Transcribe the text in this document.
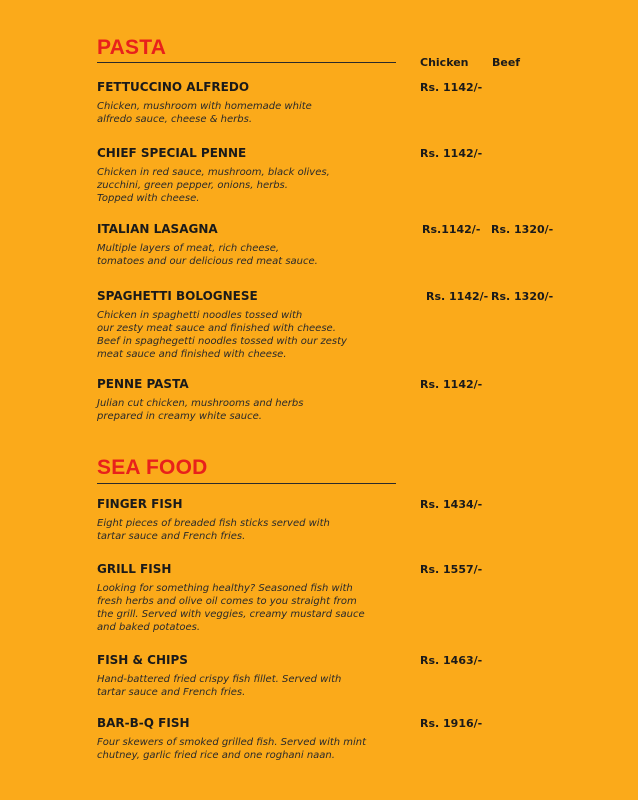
PASTA
Chicken Beef
FETTUCCINO ALFREDO
Chicken, mushroom with homemade white
alfredo sauce, cheese & herbs.
Rs. 1142/-
CHIEF SPECIAL PENNE
Chicken in red sauce, mushroom, black olives,
zucchini, green pepper, onions, herbs.
Topped with cheese.
Rs. 1142/-
ITALIAN LASAGNA
Multiple layers of meat, rich cheese,
tomatoes and our delicious red meat sauce.
Rs.1142/- Rs. 1320/-
SPAGHETTI BOLOGNESE
Chicken in spaghetti noodles tossed with
our zesty meat sauce and finished with cheese.
Beef in spaghegetti noodles tossed with our zesty
meat sauce and finished with cheese.
Rs. 1142/- Rs. 1320/-
PENNE PASTA
Julian cut chicken, mushrooms and herbs
prepared in creamy white sauce.
Rs. 1142/-
SEA FOOD
FINGER FISH
Eight pieces of breaded fish sticks served with
tartar sauce and French fries.
Rs. 1434/-
GRILL FISH
Looking for something healthy? Seasoned fish with
fresh herbs and olive oil comes to you straight from
the grill. Served with veggies, creamy mustard sauce
and baked potatoes.
Rs. 1557/-
FISH & CHIPS
Hand-battered fried crispy fish fillet. Served with
tartar sauce and French fries.
Rs. 1463/-
BAR-B-Q FISH
Four skewers of smoked grilled fish. Served with mint
chutney, garlic fried rice and one roghani naan.
Rs. 1916/-
